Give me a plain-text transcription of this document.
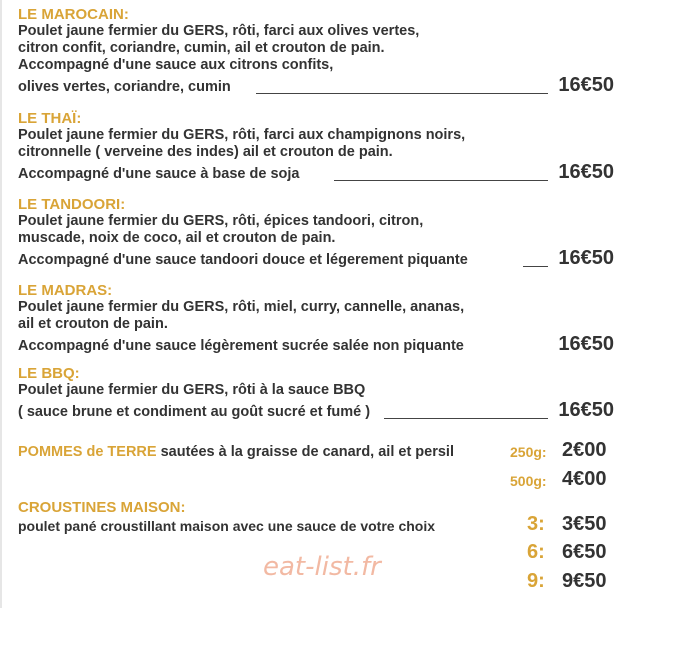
LE MAROCAIN:
Poulet jaune fermier du GERS, rôti, farci aux olives vertes,
citron confit, coriandre, cumin, ail et crouton de pain.
Accompagné d'une sauce aux citrons confits,
olives vertes, coriandre, cumin	16€50
LE THAÏ:
Poulet jaune fermier du GERS, rôti, farci aux champignons noirs,
citronnelle ( verveine des indes) ail et crouton de pain.
Accompagné d'une sauce à base de soja	16€50
LE TANDOORI:
Poulet jaune fermier du GERS, rôti, épices tandoori, citron,
muscade, noix de coco, ail et crouton de pain.
Accompagné d'une sauce tandoori douce et légerement piquante	16€50
LE MADRAS:
Poulet jaune fermier du GERS, rôti, miel, curry, cannelle, ananas,
ail et crouton de pain.
Accompagné d'une sauce légèrement sucrée salée non piquante	16€50
LE BBQ:
Poulet jaune fermier du GERS, rôti à la sauce BBQ
( sauce brune et condiment au goût sucré et fumé )	16€50
POMMES de TERRE sautées à la graisse de canard, ail et persil	250g: 2€00
500g: 4€00
CROUSTINES MAISON:
poulet pané croustillant maison avec une sauce de votre choix	3: 3€50
6: 6€50
9: 9€50
eat-list.fr
